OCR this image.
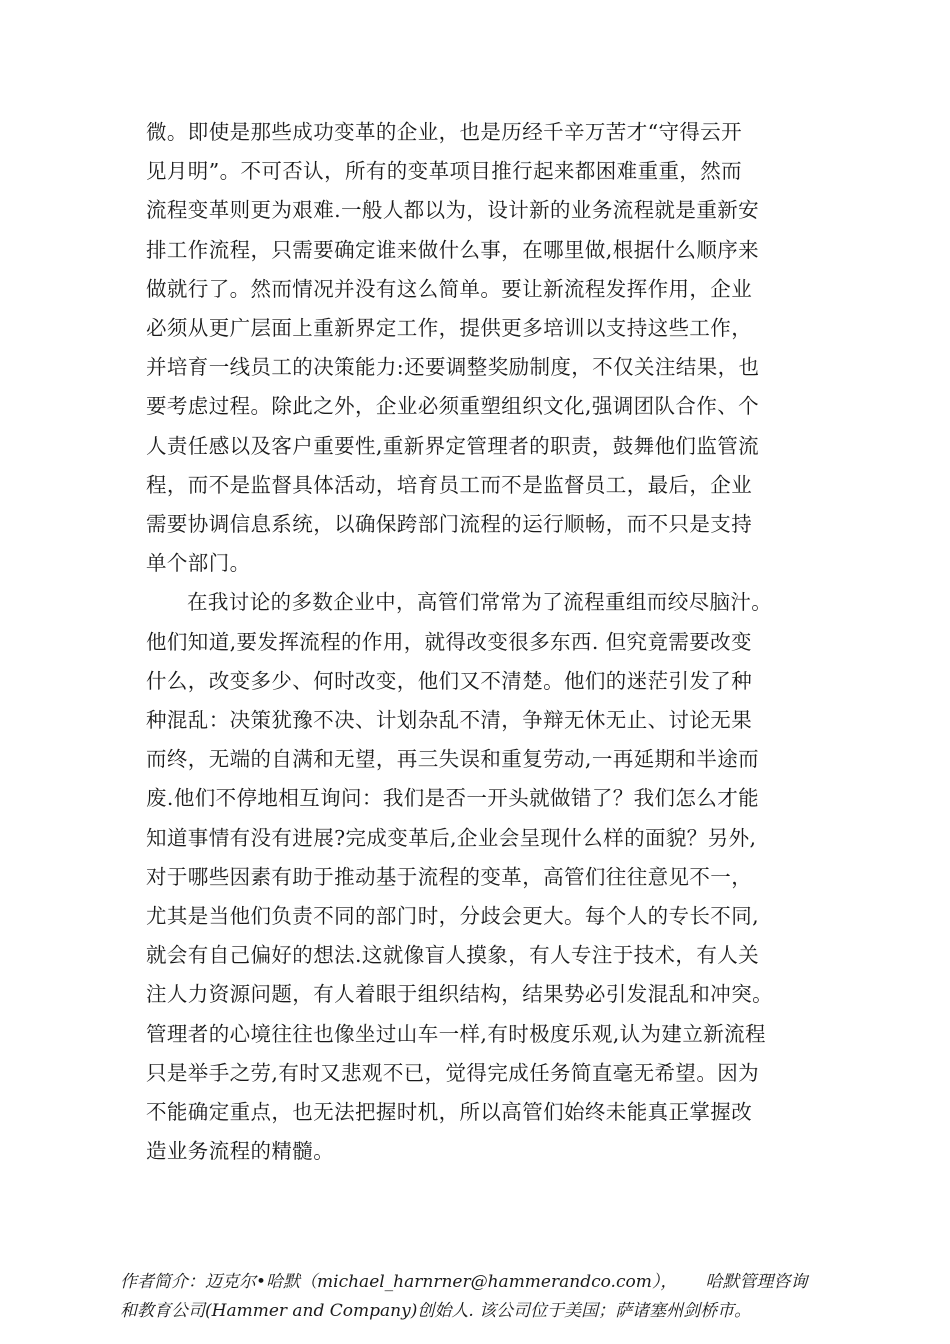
微。即使是那些成功变革的企业，也是历经千辛万苦才“守得云开
见月明”。不可否认，所有的变革项目推行起来都困难重重，然而
流程变革则更为艰难.一般人都以为，设计新的业务流程就是重新安
排工作流程，只需要确定谁来做什么事，在哪里做,根据什么顺序来
做就行了。然而情况并没有这么简单。要让新流程发挥作用，企业
必须从更广层面上重新界定工作，提供更多培训以支持这些工作，
并培育一线员工的决策能力:还要调整奖励制度，不仅关注结果，也
要考虑过程。除此之外，企业必须重塑组织文化,强调团队合作、个
人责任感以及客户重要性,重新界定管理者的职责，鼓舞他们监管流
程，而不是监督具体活动，培育员工而不是监督员工，最后，企业
需要协调信息系统，以确保跨部门流程的运行顺畅，而不只是支持
单个部门。
在我讨论的多数企业中，高管们常常为了流程重组而绞尽脑汁。
他们知道,要发挥流程的作用，就得改变很多东西. 但究竟需要改变
什么，改变多少、何时改变，他们又不清楚。他们的迷茫引发了种
种混乱：决策犹豫不决、计划杂乱不清，争辩无休无止、讨论无果
而终，无端的自满和无望，再三失误和重复劳动,一再延期和半途而
废.他们不停地相互询问：我们是否一开头就做错了？我们怎么才能
知道事情有没有进展?完成变革后,企业会呈现什么样的面貌？另外,
对于哪些因素有助于推动基于流程的变革，高管们往往意见不一，
尤其是当他们负责不同的部门时，分歧会更大。每个人的专长不同,
就会有自己偏好的想法.这就像盲人摸象，有人专注于技术，有人关
注人力资源问题，有人着眼于组织结构，结果势必引发混乱和冲突。
管理者的心境往往也像坐过山车一样,有时极度乐观,认为建立新流程
只是举手之劳,有时又悲观不已，觉得完成任务简直毫无希望。因为
不能确定重点，也无法把握时机，所以高管们始终未能真正掌握改
造业务流程的精髓。
作者简介：迈克尔•哈默（michael_harnrner@hammerandco.com）， 哈默管理咨询
和教育公司(Hammer and Company)创始人. 该公司位于美国；萨诸塞州剑桥市。
